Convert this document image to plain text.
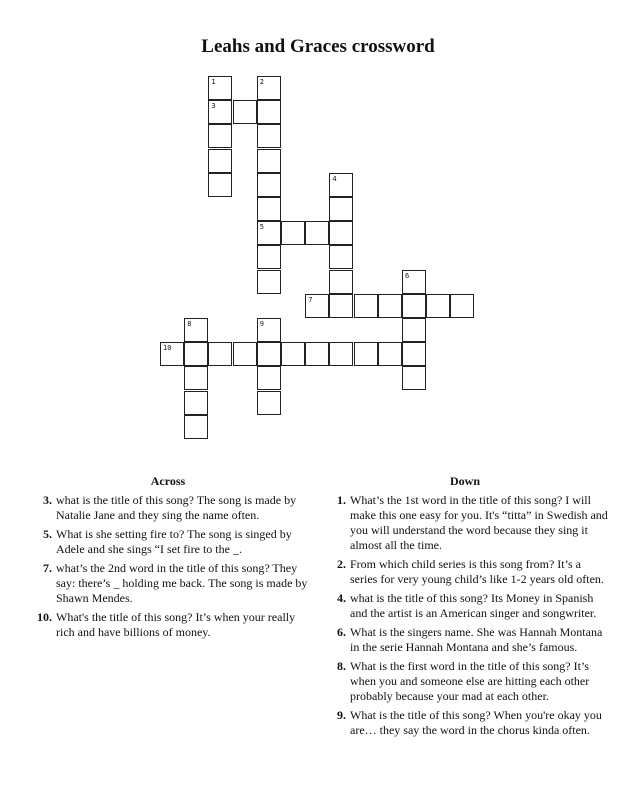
Leahs and Graces crossword
1
3
2
5
4
6
7
8	9
10
Across
3. what is the title of this song? The song is made by Natalie Jane and they sing the name often.
5. What is she setting fire to? The song is singed by Adele and she sings “I set fire to the _.
7. what’s the 2nd word in the title of this song? They say: there’s _ holding me back. The song is made by Shawn Mendes.
10. What's the title of this song? It’s when your really rich and have billions of money.
Down
1. What’s the 1st word in the title of this song? I will make this one easy for you. It's “titta” in Swedish and you will understand the word because they sing it almost all the time.
2. From which child series is this song from? It’s a series for very young child’s like 1-2 years old often.
4. what is the title of this song? Its Money in Spanish and the artist is an American singer and songwriter.
6. What is the singers name. She was Hannah Montana in the serie Hannah Montana and she’s famous.
8. What is the first word in the title of this song? It’s when you and someone else are hitting each other probably because your mad at each other.
9. What is the title of this song? When you're okay you are… they say the word in the chorus kinda often.
